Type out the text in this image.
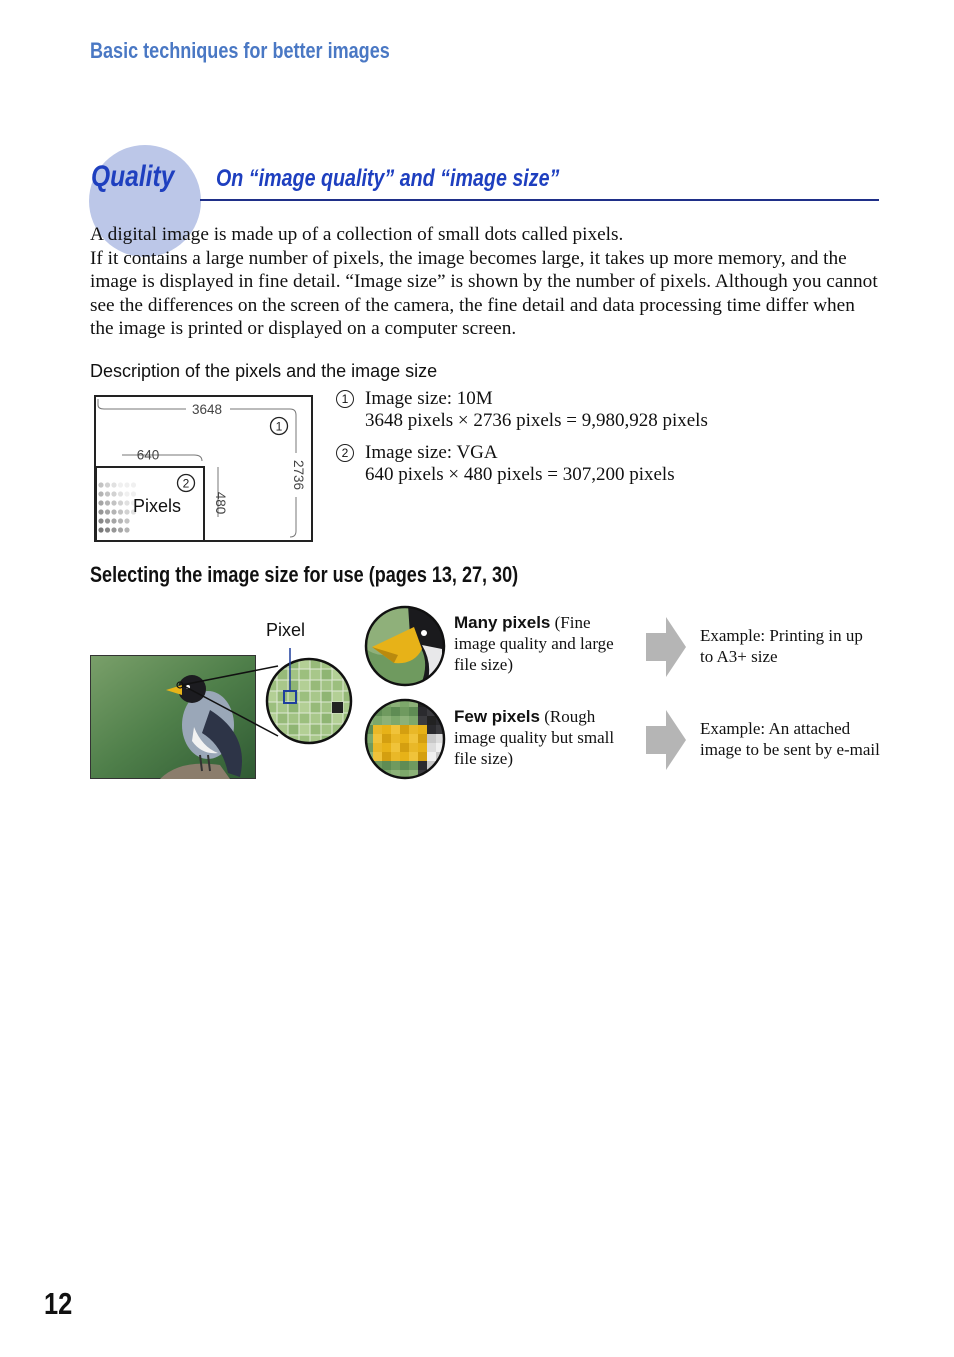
Basic techniques for better images
Quality On “image quality” and “image size”

A digital image is made up of a collection of small dots called pixels.

If it contains a large number of pixels, the image becomes large, it takes up more memory, and the image is displayed in fine detail. “Image size” is shown by the number of pixels. Although you cannot see the differences on the screen of the camera, the fine detail and data processing time differ when the image is printed or displayed on a computer screen.

Description of the pixels and the image size
3648
2736
1
640
480
2
Pixels
1 Image size: 10M
3648 pixels × 2736 pixels = 9,980,928 pixels
2 Image size: VGA
640 pixels × 480 pixels = 307,200 pixels
Selecting the image size for use (pages 13, 27, 30)
Pixel	Many pixels (Fine image quality and large file size)
Few pixels (Rough image quality but small file size)
Example: Printing in up to A3+ size
Example: An attached image to be sent by e-mail
12
